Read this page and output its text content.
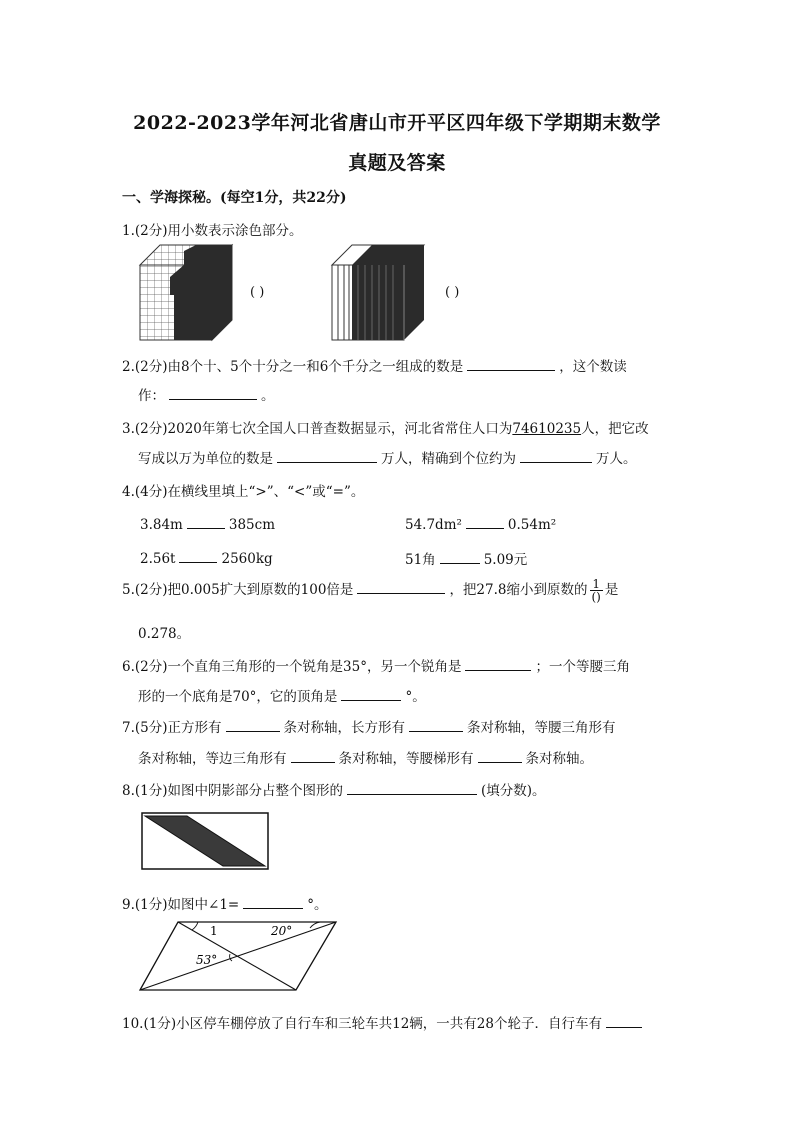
2022-2023学年河北省唐山市开平区四年级下学期期末数学
真题及答案
一、学海探秘。(每空1分，共22分)
1.(2分)用小数表示涂色部分。
( )	( )
2.(2分)由8个十、5个十分之一和6个千分之一组成的数是	，这个数读
作：	。
3.(2分)2020年第七次全国人口普查数据显示，河北省常住人口为74610235人，把它改
写成以万为单位的数是	万人，精确到个位约为	万人。
4.(4分)在横线里填上“>”、“<”或“=”。
3.84m	385cm	54.7dm²	0.54m²
2.56t	2560kg	51角	5.09元
5.(2分)把0.005扩大到原数的100倍是	，把27.8缩小到原数的 $\frac{1}{()}$ 是
0.278。
6.(2分)一个直角三角形的一个锐角是35°，另一个锐角是	；一个等腰三角
形的一个底角是70°，它的顶角是	°。
7.(5分)正方形有	条对称轴，长方形有	条对称轴，等腰三角形有
条对称轴，等边三角形有	条对称轴，等腰梯形有	条对称轴。
8.(1分)如图中阴影部分占整个图形的	(填分数)。
9.(1分)如图中∠1=	°。
1	20°
53°
10.(1分)小区停车棚停放了自行车和三轮车共12辆，一共有28个轮子．自行车有
